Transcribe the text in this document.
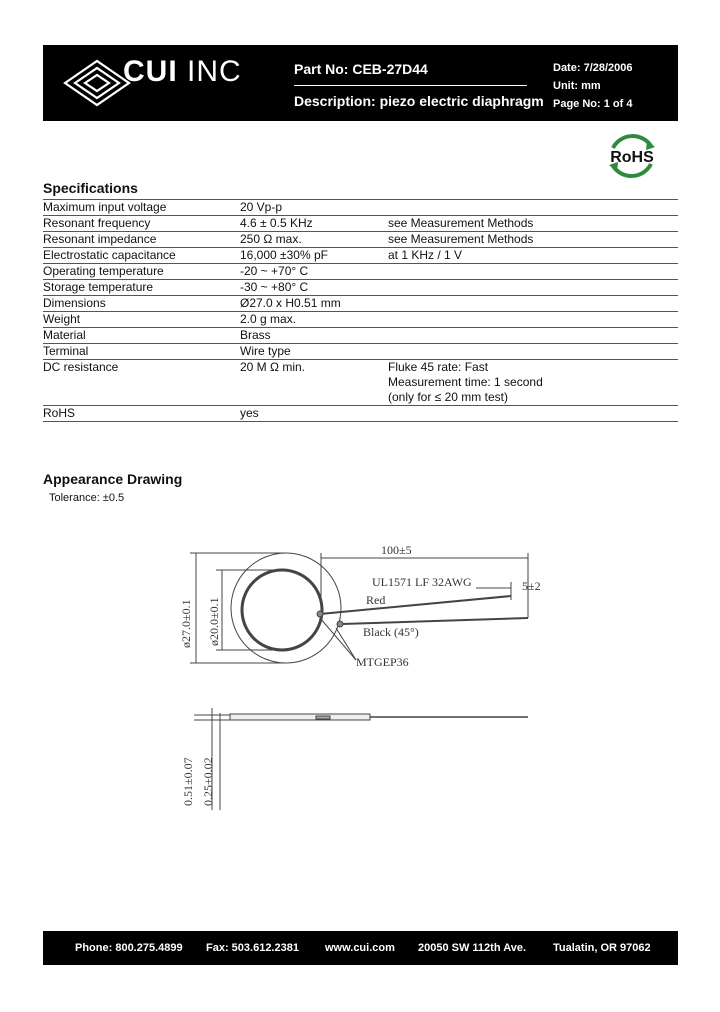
CUI INC	Part No: CEB-27D44
Description: piezo electric diaphragm
Date: 7/28/2006
Unit: mm
Page No: 1 of 4
RoHS
Specifications
Maximum input voltage	20 Vp-p
Resonant frequency	4.6 ± 0.5 KHz	see Measurement Methods
Resonant impedance	250 Ω max.	see Measurement Methods
Electrostatic capacitance	16,000 ±30% pF	at 1 KHz / 1 V
Operating temperature	-20 ~ +70° C
Storage temperature	-30 ~ +80° C
Dimensions	Ø27.0 x H0.51 mm
Weight	2.0 g max.
Material	Brass
Terminal	Wire type
DC resistance	20 M Ω min.	Fluke 45 rate: Fast
Measurement time: 1 second
(only for ≤ 20 mm test)
RoHS	yes
Appearance Drawing
Tolerance: ±0.5
100±5
5±2
UL1571 LF 32AWG
Red
Black (45°)
MTGEP36
ø27.0±0.1 ø20.0±0.1
0.51±0.07 0.25±0.02
Phone: 800.275.4899 Fax: 503.612.2381 www.cui.com 20050 SW 112th Ave. Tualatin, OR 97062
